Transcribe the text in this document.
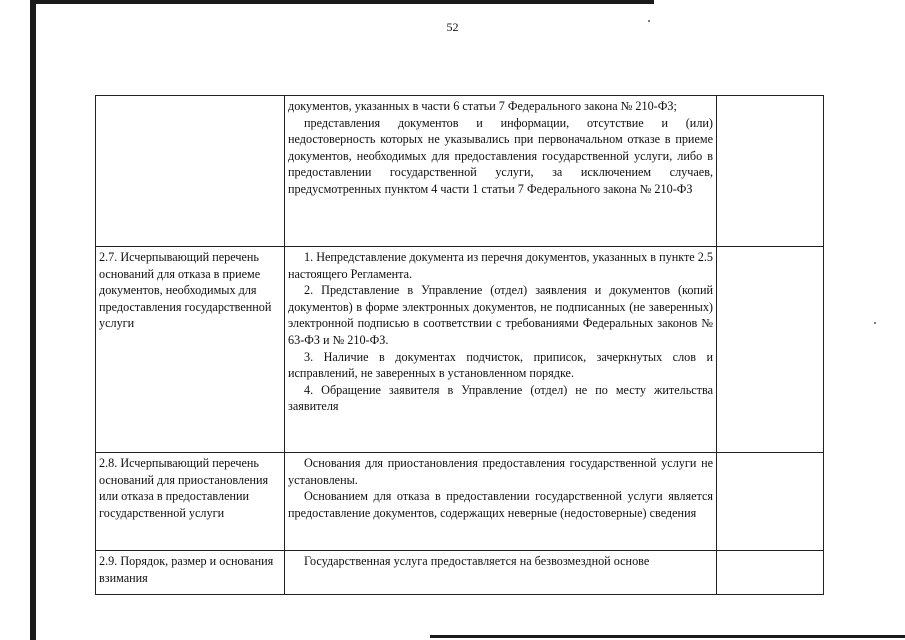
52

	документов, указанных в части 6 статьи 7 Федерального закона № 210-ФЗ;

представления документов и информации, отсутствие и (или) недостоверность которых не указывались при первоначальном отказе в приеме документов, необходимых для предоставления государственной услуги, либо в предоставлении государственной услуги, за исключением случаев, предусмотренных пунктом 4 части 1 статьи 7 Федерального закона № 210-ФЗ	

2.7. Исчерпывающий перечень оснований для отказа в приеме документов, необходимых для предоставления государственной услуги	1. Непредставление документа из перечня документов, указанных в пункте 2.5 настоящего Регламента.

2. Представление в Управление (отдел) заявления и документов (копий документов) в форме электронных документов, не подписанных (не заверенных) электронной подписью в соответствии с требованиями Федеральных законов № 63-ФЗ и № 210-ФЗ.

3. Наличие в документах подчисток, приписок, зачеркнутых слов и исправлений, не заверенных в установленном порядке.

4. Обращение заявителя в Управление (отдел) не по месту жительства заявителя	

2.8. Исчерпывающий перечень оснований для приостановления или отказа в предоставлении государственной услуги	Основания для приостановления предоставления государственной услуги не установлены.

Основанием для отказа в предоставлении государственной услуги является предоставление документов, содержащих неверные (недостоверные) сведения	

2.9. Порядок, размер и основания взимания	Государственная услуга предоставляется на безвозмездной основе	
